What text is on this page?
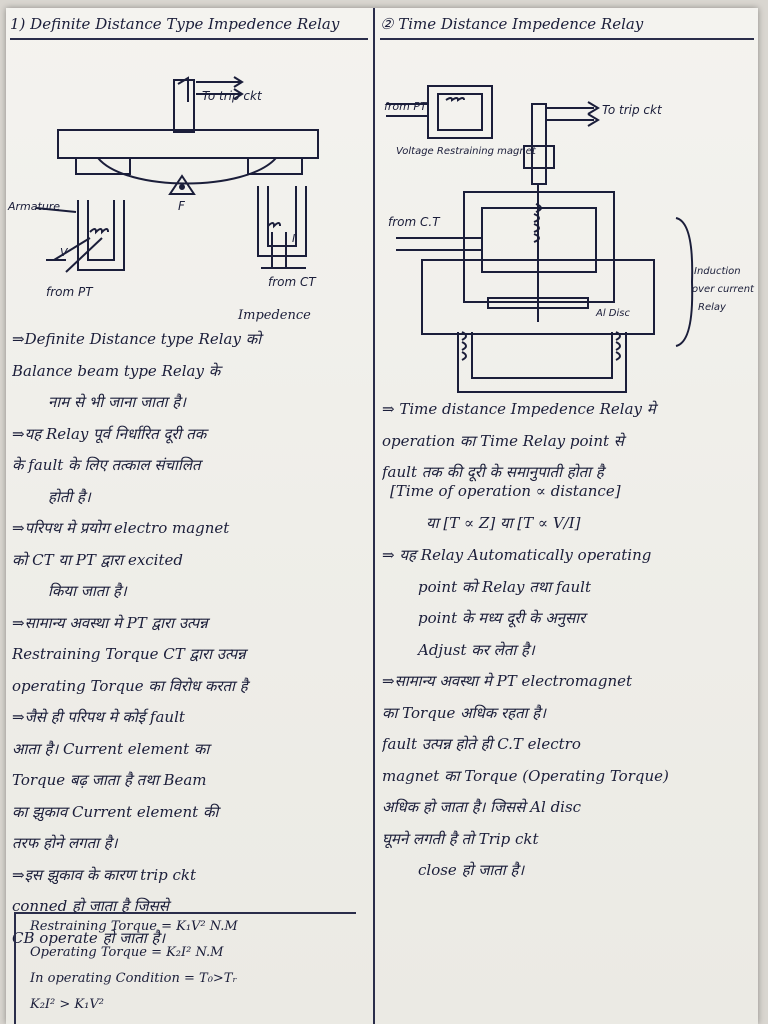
1) Definite Distance Type Impedence Relay
To trip ckt
Armature	F
V
I
from PT
from CT
Impedence
⇒Definite Distance type Relay को
Balance beam type Relay के
नाम से भी जाना जाता है।
⇒यह Relay पूर्व निर्धारित दूरी तक
के fault के लिए तत्काल संचालित
होती है।
⇒परिपथ मे प्रयोग electro magnet
को CT या PT द्वारा excited
किया जाता है।
⇒सामान्य अवस्था मे PT द्वारा उत्पन्न
Restraining Torque CT द्वारा उत्पन्न
operating Torque का विरोध करता है
⇒जैसे ही परिपथ मे कोई fault
आता है। Current element का
Torque बढ़ जाता है तथा Beam
का झुकाव Current element की
तरफ होने लगता है।
⇒इस झुकाव के कारण trip ckt
conned हो जाता है जिससे
CB operate हो जाता है।
Restraining Torque = K₁V² N.M
Operating Torque = K₂I² N.M
In operating Condition = T₀>Tᵣ
K₂I² > K₁V²
② Time Distance Impedence Relay
from PT	To trip ckt
Voltage Restraining magnet
from C.T
Induction
over current
Relay
Al Disc
⇒ Time distance Impedence Relay मे
operation का Time Relay point से
fault तक की दूरी के समानुपाती होता है
[Time of operation ∝ distance]
या [T ∝ Z] या [T ∝ V/I]
⇒ यह Relay Automatically operating
point को Relay तथा fault
point के मध्य दूरी के अनुसार
Adjust कर लेता है।
⇒सामान्य अवस्था मे PT electromagnet
का Torque अधिक रहता है।
fault उत्पन्न होते ही C.T electro
magnet का Torque (Operating Torque)
अधिक हो जाता है। जिससे Al disc
घूमने लगती है तो Trip ckt
close हो जाता है।
